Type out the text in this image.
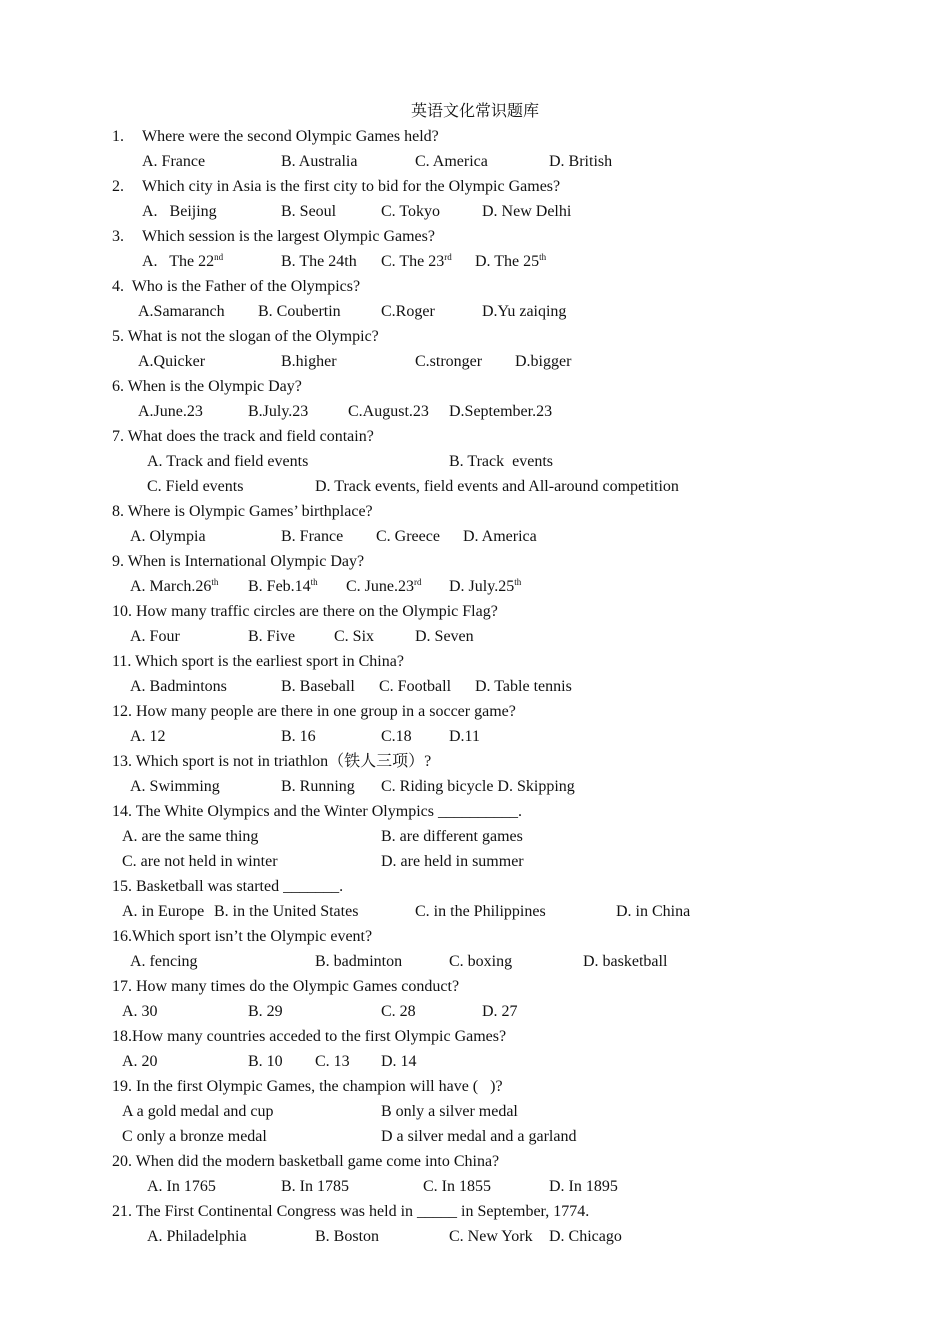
英语文化常识题库
1. Where were the second Olympic Games held?
A. France	B. Australia	C. America	D. British
2. Which city in Asia is the first city to bid for the Olympic Games?
A.   Beijing	B. Seoul	C. Tokyo	D. New Delhi
3. Which session is the largest Olympic Games?
A.   The 22nd	B. The 24th C. The 23rd D. The 25th
4.  Who is the Father of the Olympics?
A.Samaranch B. Coubertin	C.Roger	D.Yu zaiqing
5. What is not the slogan of the Olympic?
A.Quicker	B.higher	C.stronger D.bigger
6. When is the Olympic Day?
A.June.23	B.July.23 C.August.23 D.September.23
7. What does the track and field contain?
A. Track and field events	B. Track  events
C. Field events	D. Track events, field events and All-around competition
8. Where is Olympic Games’ birthplace?
A. Olympia	B. France C. Greece D. America
9. When is International Olympic Day?
A. March.26th B. Feb.14th C. June.23rd D. July.25th
10. How many traffic circles are there on the Olympic Flag?
A. Four	B. Five C. Six	D. Seven
11. Which sport is the earliest sport in China?
A. Badmintons	B. Baseball C. Football D. Table tennis
12. How many people are there in one group in a soccer game?
A. 12	B. 16	C.18 D.11
13. Which sport is not in triathlon（铁人三项）?
A. Swimming	B. Running C. Riding bicycle D. Skipping
14. The White Olympics and the Winter Olympics __________.
A. are the same thing	B. are different games
C. are not held in winter	D. are held in summer
15. Basketball was started _______.
A. in Europe B. in the United States	C. in the Philippines	D. in China
16.Which sport isn’t the Olympic event?
A. fencing	B. badminton	C. boxing	D. basketball
17. How many times do the Olympic Games conduct?
A. 30	B. 29	C. 28	D. 27
18.How many countries acceded to the first Olympic Games?
A. 20	B. 10 C. 13 D. 14
19. In the first Olympic Games, the champion will have (   )?
A a gold medal and cup	B only a silver medal
C only a bronze medal	D a silver medal and a garland
20. When did the modern basketball game come into China?
A. In 1765	B. In 1785	C. In 1855	D. In 1895
21. The First Continental Congress was held in _____ in September, 1774.
A. Philadelphia	B. Boston	C. New York D. Chicago
